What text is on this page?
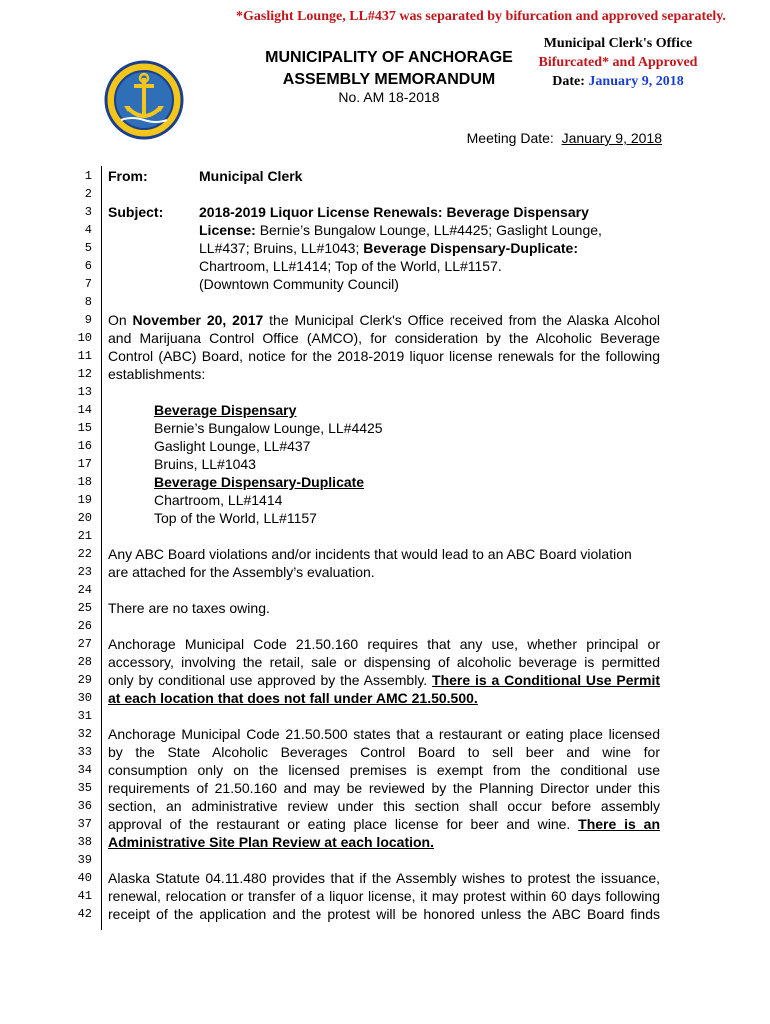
*Gaslight Lounge, LL#437 was separated by bifurcation and approved separately.
MUNICIPALITY OF ANCHORAGE
ASSEMBLY MEMORANDUM
No. AM 18-2018
Municipal Clerk's Office
Bifurcated* and Approved
Date: January 9, 2018
Meeting Date: January 9, 2018
1
2
3
4
5
6
7
8
9
10
11
12
13
14
15
16
17
18
19
20
21
22
23
24
25
26
27
28
29
30
31
32
33
34
35
36
37
38
39
40
41
42
From:	Municipal Clerk
Subject:	2018-2019 Liquor License Renewals: Beverage Dispensary
License: Bernie’s Bungalow Lounge, LL#4425; Gaslight Lounge,
LL#437; Bruins, LL#1043; Beverage Dispensary-Duplicate:
Chartroom, LL#1414; Top of the World, LL#1157.
(Downtown Community Council)
On November 20, 2017 the Municipal Clerk's Office received from the Alaska Alcohol
and Marijuana Control Office (AMCO), for consideration by the Alcoholic Beverage
Control (ABC) Board, notice for the 2018-2019 liquor license renewals for the following
establishments:
Beverage Dispensary
Bernie’s Bungalow Lounge, LL#4425
Gaslight Lounge, LL#437
Bruins, LL#1043
Beverage Dispensary-Duplicate
Chartroom, LL#1414
Top of the World, LL#1157
Any ABC Board violations and/or incidents that would lead to an ABC Board violation
are attached for the Assembly’s evaluation.
There are no taxes owing.
Anchorage Municipal Code 21.50.160 requires that any use, whether principal or
accessory, involving the retail, sale or dispensing of alcoholic beverage is permitted
only by conditional use approved by the Assembly. There is a Conditional Use Permit
at each location that does not fall under AMC 21.50.500.
Anchorage Municipal Code 21.50.500 states that a restaurant or eating place licensed
by the State Alcoholic Beverages Control Board to sell beer and wine for
consumption only on the licensed premises is exempt from the conditional use
requirements of 21.50.160 and may be reviewed by the Planning Director under this
section, an administrative review under this section shall occur before assembly
approval of the restaurant or eating place license for beer and wine. There is an
Administrative Site Plan Review at each location.
Alaska Statute 04.11.480 provides that if the Assembly wishes to protest the issuance,
renewal, relocation or transfer of a liquor license, it may protest within 60 days following
receipt of the application and the protest will be honored unless the ABC Board finds
